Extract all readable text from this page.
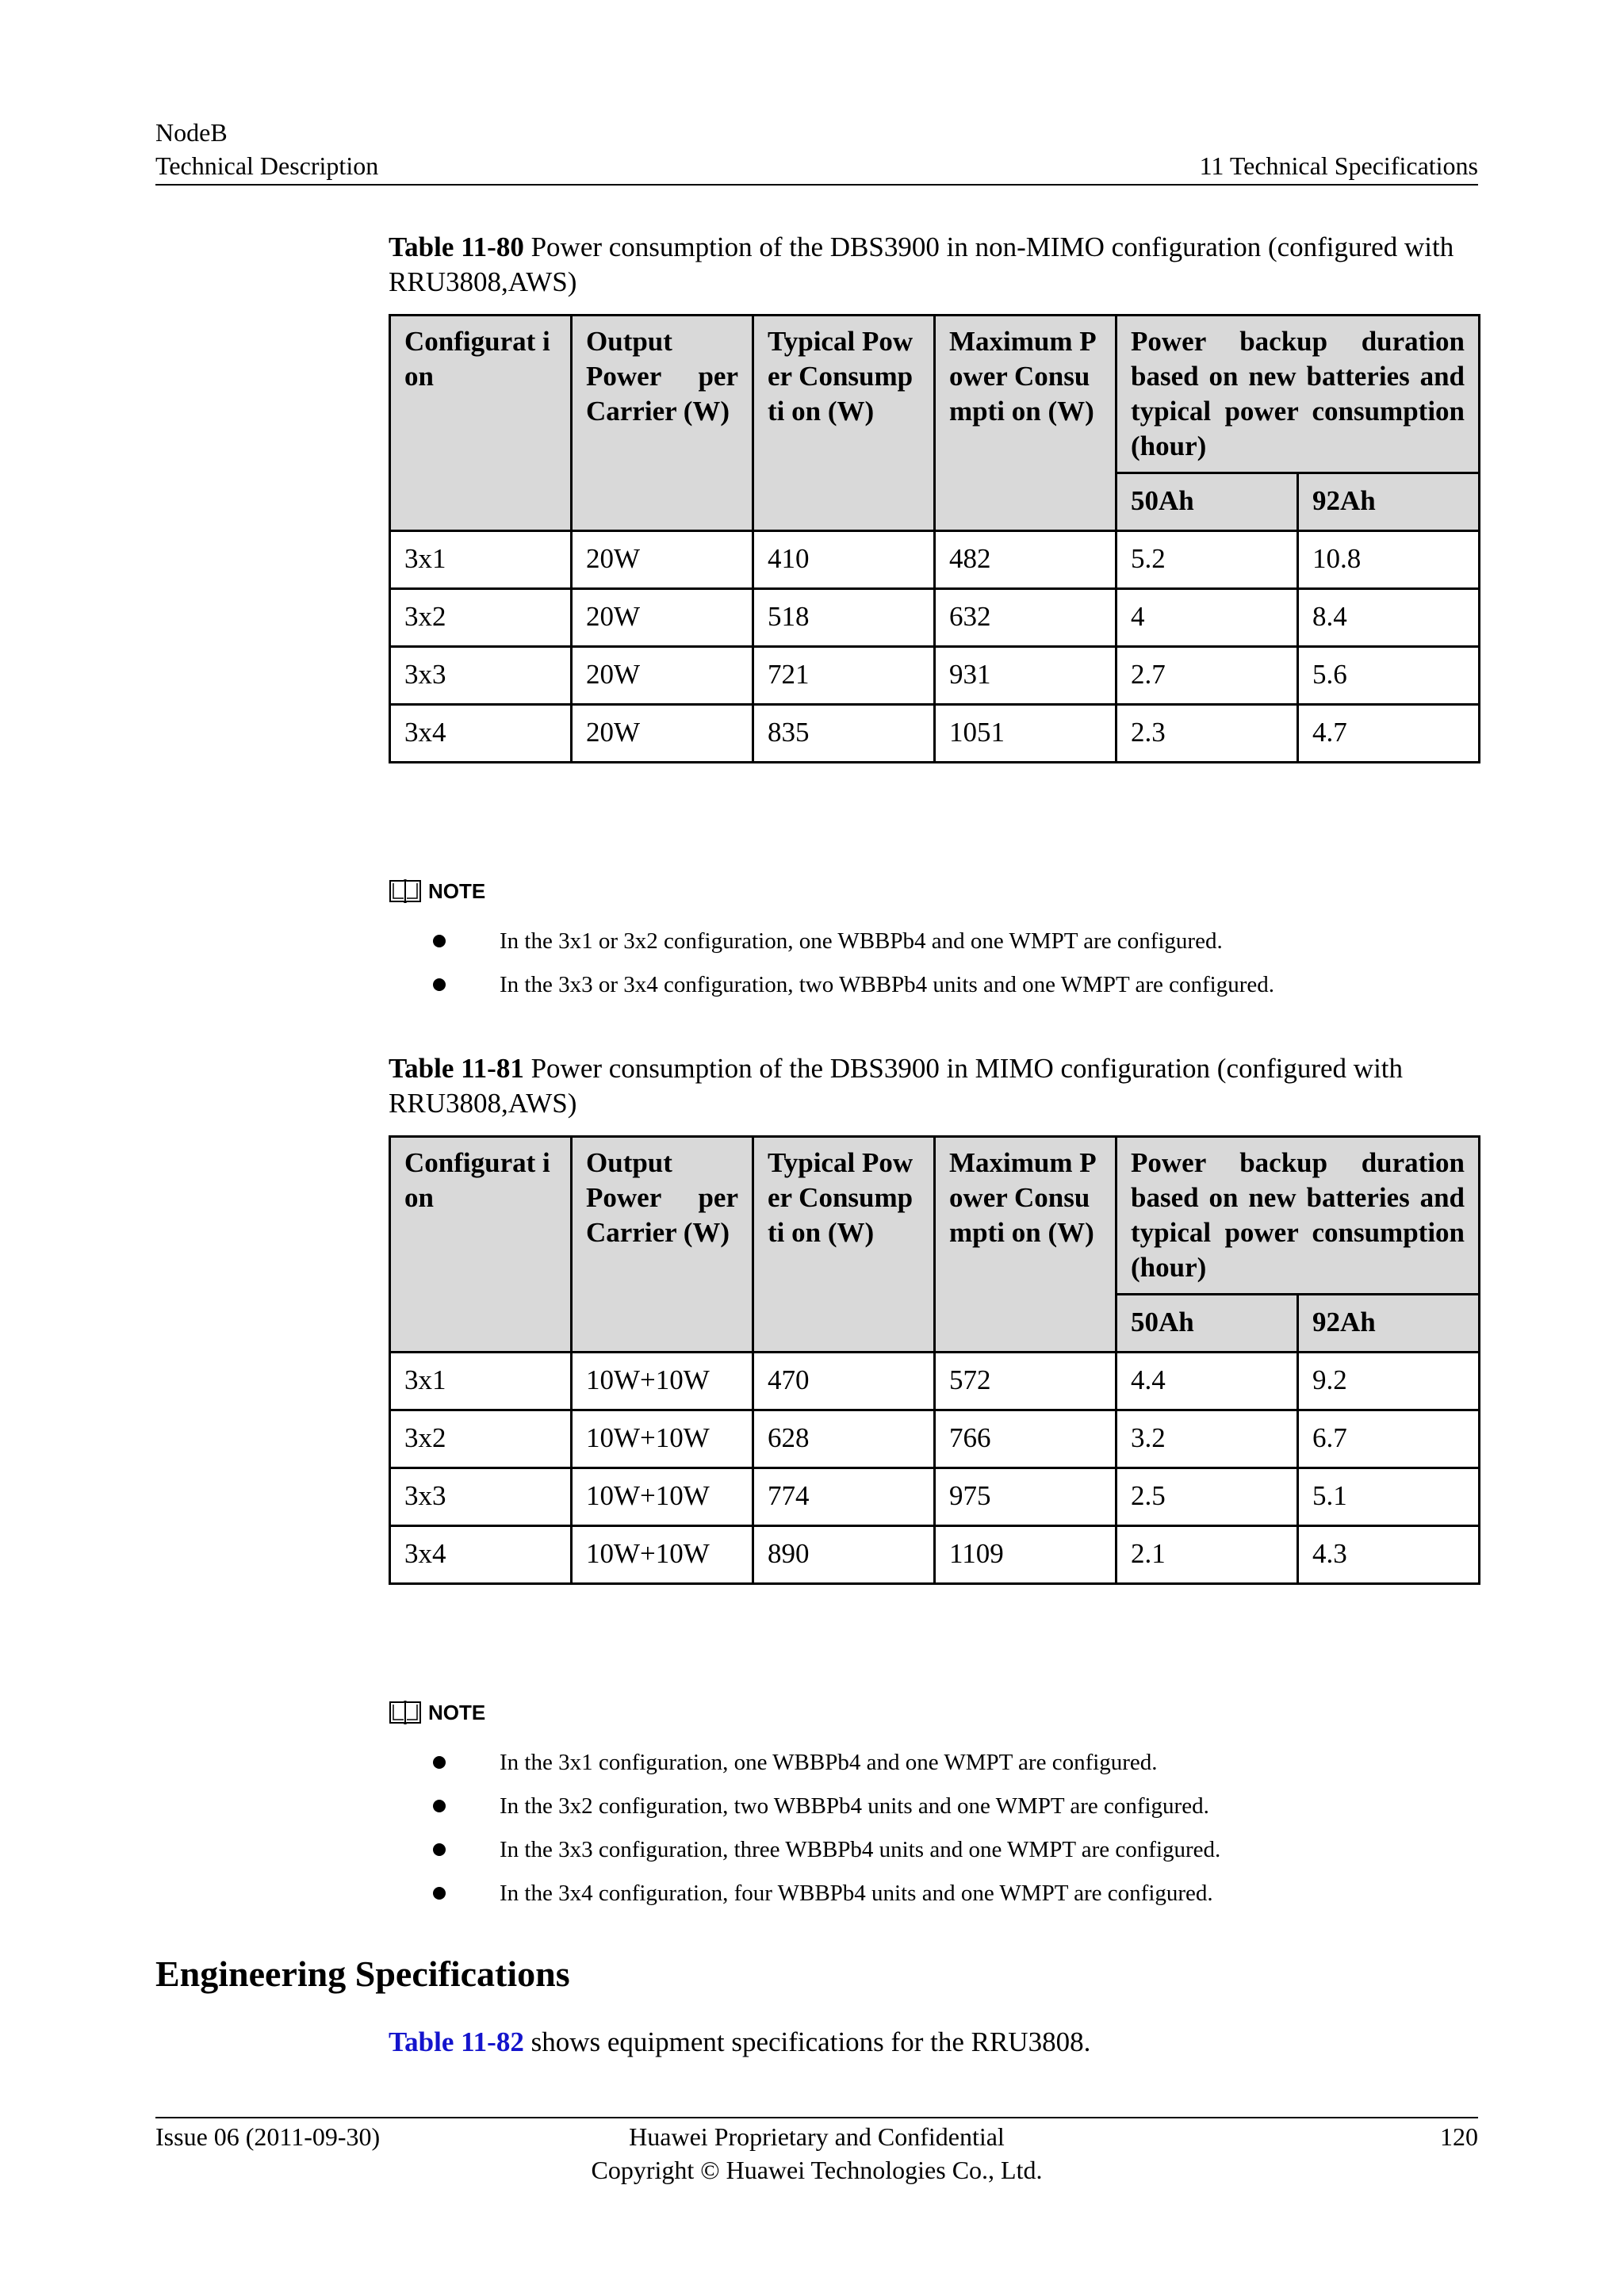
NodeB
Technical Description	11 Technical Specifications
Table 11-80 Power consumption of the DBS3900 in non-MIMO configuration (configured with RRU3808,AWS)
Configurat ion	Output Power per Carrier (W)	Typical Power Consumpti on (W)	Maximum Power Consumpti on (W)	Power backup duration based on new batteries and typical power consumption (hour)	
				50Ah	92Ah
3x1	20W	410	482	5.2	10.8
3x2	20W	518	632	4	8.4
3x3	20W	721	931	2.7	5.6
3x4	20W	835	1051	2.3	4.7
NOTE
In the 3x1 or 3x2 configuration, one WBBPb4 and one WMPT are configured.
In the 3x3 or 3x4 configuration, two WBBPb4 units and one WMPT are configured.
Table 11-81 Power consumption of the DBS3900 in MIMO configuration (configured with RRU3808,AWS)
Configurat ion	Output Power per Carrier (W)	Typical Power Consumpti on (W)	Maximum Power Consumpti on (W)	Power backup duration based on new batteries and typical power consumption (hour)	
				50Ah	92Ah
3x1	10W+10W	470	572	4.4	9.2
3x2	10W+10W	628	766	3.2	6.7
3x3	10W+10W	774	975	2.5	5.1
3x4	10W+10W	890	1109	2.1	4.3
NOTE
In the 3x1 configuration, one WBBPb4 and one WMPT are configured.
In the 3x2 configuration, two WBBPb4 units and one WMPT are configured.
In the 3x3 configuration, three WBBPb4 units and one WMPT are configured.
In the 3x4 configuration, four WBBPb4 units and one WMPT are configured.
Engineering Specifications
Table 11-82 shows equipment specifications for the RRU3808.
Issue 06 (2011-09-30)	Huawei Proprietary and Confidential
Copyright © Huawei Technologies Co., Ltd.
120
